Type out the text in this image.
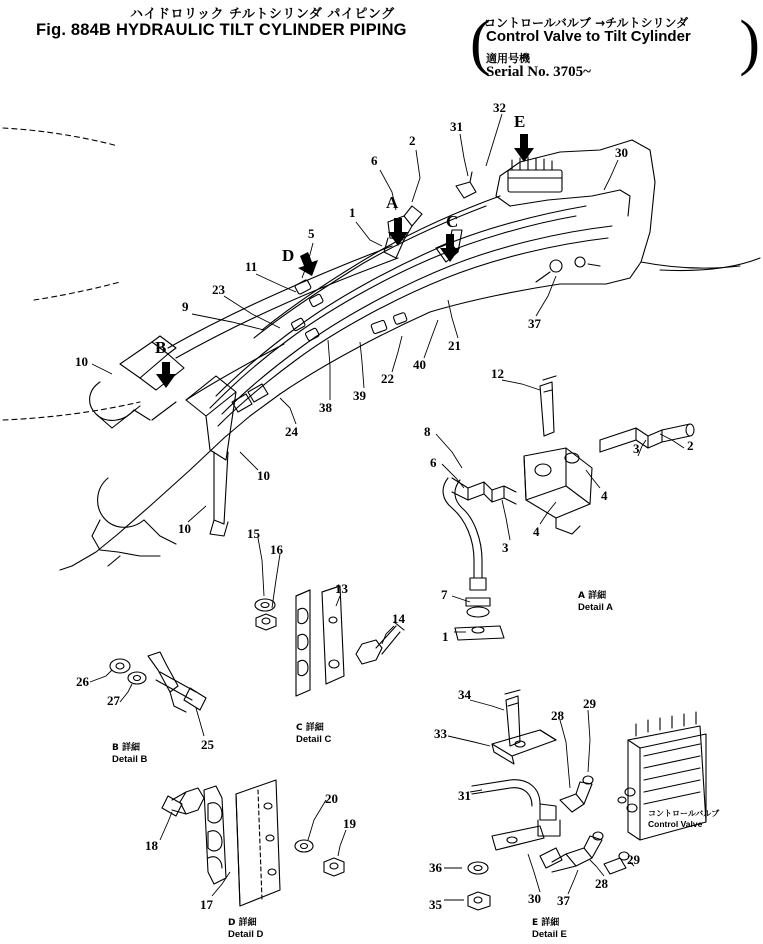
ハイドロリック チルトシリンダ パイピング
Fig. 884B HYDRAULIC TILT CYLINDER PIPING (	)
コントロールバルブ →チルトシリンダ
Control Valve to Tilt Cylinder
適用号機
Serial No. 3705~
A
B
C
D
E
1
2
5
6
9
10
10
10
11
21
22
23
24
30
31
32
37
38
39
40
12
2
3
4
4
3
8
6
7
1
15
16
13
14
26
27
25
18
17
20
19
33
34
31
28
29
28
29
30 37
36
35
B 詳細
Detail B
C 詳細
Detail C
D 詳細
Detail D
A 詳細
Detail A
E 詳細
Detail E
コントロールバルブ
Control Valve
